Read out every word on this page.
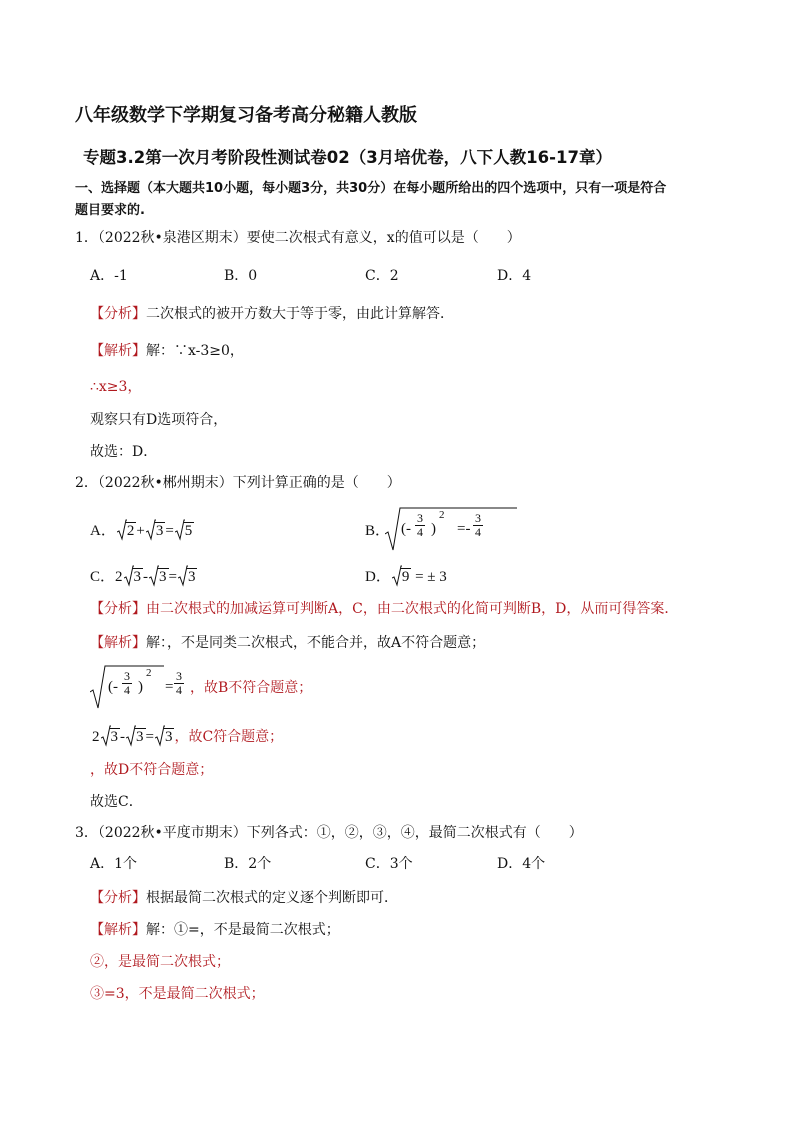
八年级数学下学期复习备考高分秘籍人教版
专题3.2第一次月考阶段性测试卷02（3月培优卷，八下人教16-17章）
一、选择题（本大题共10小题，每小题3分，共30分）在每小题所给出的四个选项中，只有一项是符合
题目要求的.
1．（2022秋•泉港区期末）要使二次根式有意义，x的值可以是（　　）
A．-1	B．0	C．2	D．4
【分析】二次根式的被开方数大于等于零，由此计算解答．
【解析】解：∵x-3≥0，
∴x≥3，
观察只有D选项符合，
故选：D．
2．（2022秋•郴州期末）下列计算正确的是（　　）
A． 2 + 3 = 5	B． (- $\frac{3}{4}$ )
2
=- $\frac{3}{4}$
C．2 3 - 3 = 3	D． 9 = ± 3
【分析】由二次根式的加减运算可判断A，C，由二次根式的化简可判断B，D，从而可得答案．
【解析】解：，不是同类二次根式，不能合并，故A不符合题意；
(- $\frac{3}{4}$ )
2
= $\frac{3}{4}$ ，故B不符合题意；
2 3 - 3 = 3 ，故C符合题意；
，故D不符合题意；
故选C．
3．（2022秋•平度市期末）下列各式：①，②，③，④，最简二次根式有（　　）
A．1个	B．2个	C．3个	D．4个
【分析】根据最简二次根式的定义逐个判断即可．
【解析】解：①=，不是最简二次根式；
②，是最简二次根式；
③=3，不是最简二次根式；
